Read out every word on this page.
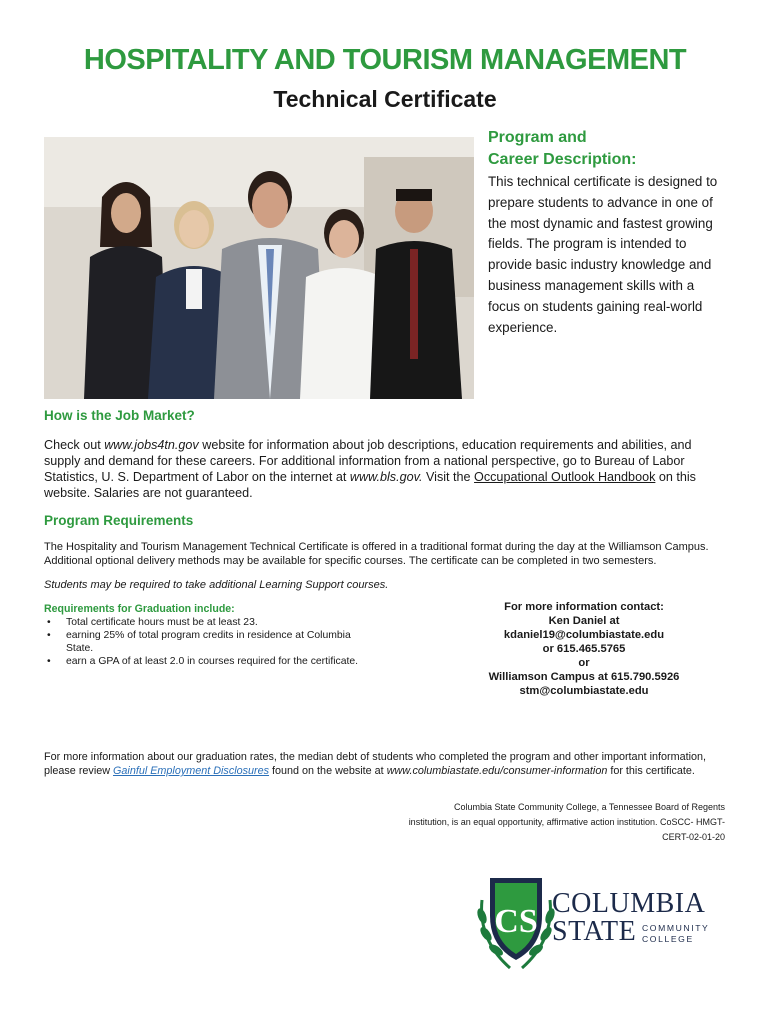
HOSPITALITY AND TOURISM MANAGEMENT
Technical Certificate
Program and
Career Description:
This technical certificate is designed to prepare students to advance in one of the most dynamic and fastest growing fields. The program is intended to provide basic industry knowledge and business management skills with a focus on students gaining real-world experience.
How is the Job Market?
Check out www.jobs4tn.gov website for information about job descriptions, education requirements and abilities, and supply and demand for these careers. For additional information from a national perspective, go to Bureau of Labor Statistics, U. S. Department of Labor on the internet at www.bls.gov. Visit the Occupational Outlook Handbook on this website. Salaries are not guaranteed.
Program Requirements
The Hospitality and Tourism Management Technical Certificate is offered in a traditional format during the day at the Williamson Campus. Additional optional delivery methods may be available for specific courses. The certificate can be completed in two semesters.
Students may be required to take additional Learning Support courses.
Requirements for Graduation include:
• Total certificate hours must be at least 23.
• earning 25% of total program credits in residence at Columbia State.
• earn a GPA of at least 2.0 in courses required for the certificate.
For more information contact:
Ken Daniel at
kdaniel19@columbiastate.edu
or 615.465.5765
or
Williamson Campus at 615.790.5926
stm@columbiastate.edu
For more information about our graduation rates, the median debt of students who completed the program and other important information, please review Gainful Employment Disclosures found on the website at www.columbiastate.edu/consumer-information for this certificate.
Columbia State Community College, a Tennessee Board of Regents
institution, is an equal opportunity, affirmative action institution. CoSCC- HMGT-CERT-02-01-20
CS COLUMBIA
STATE COMMUNITY
COLLEGE
